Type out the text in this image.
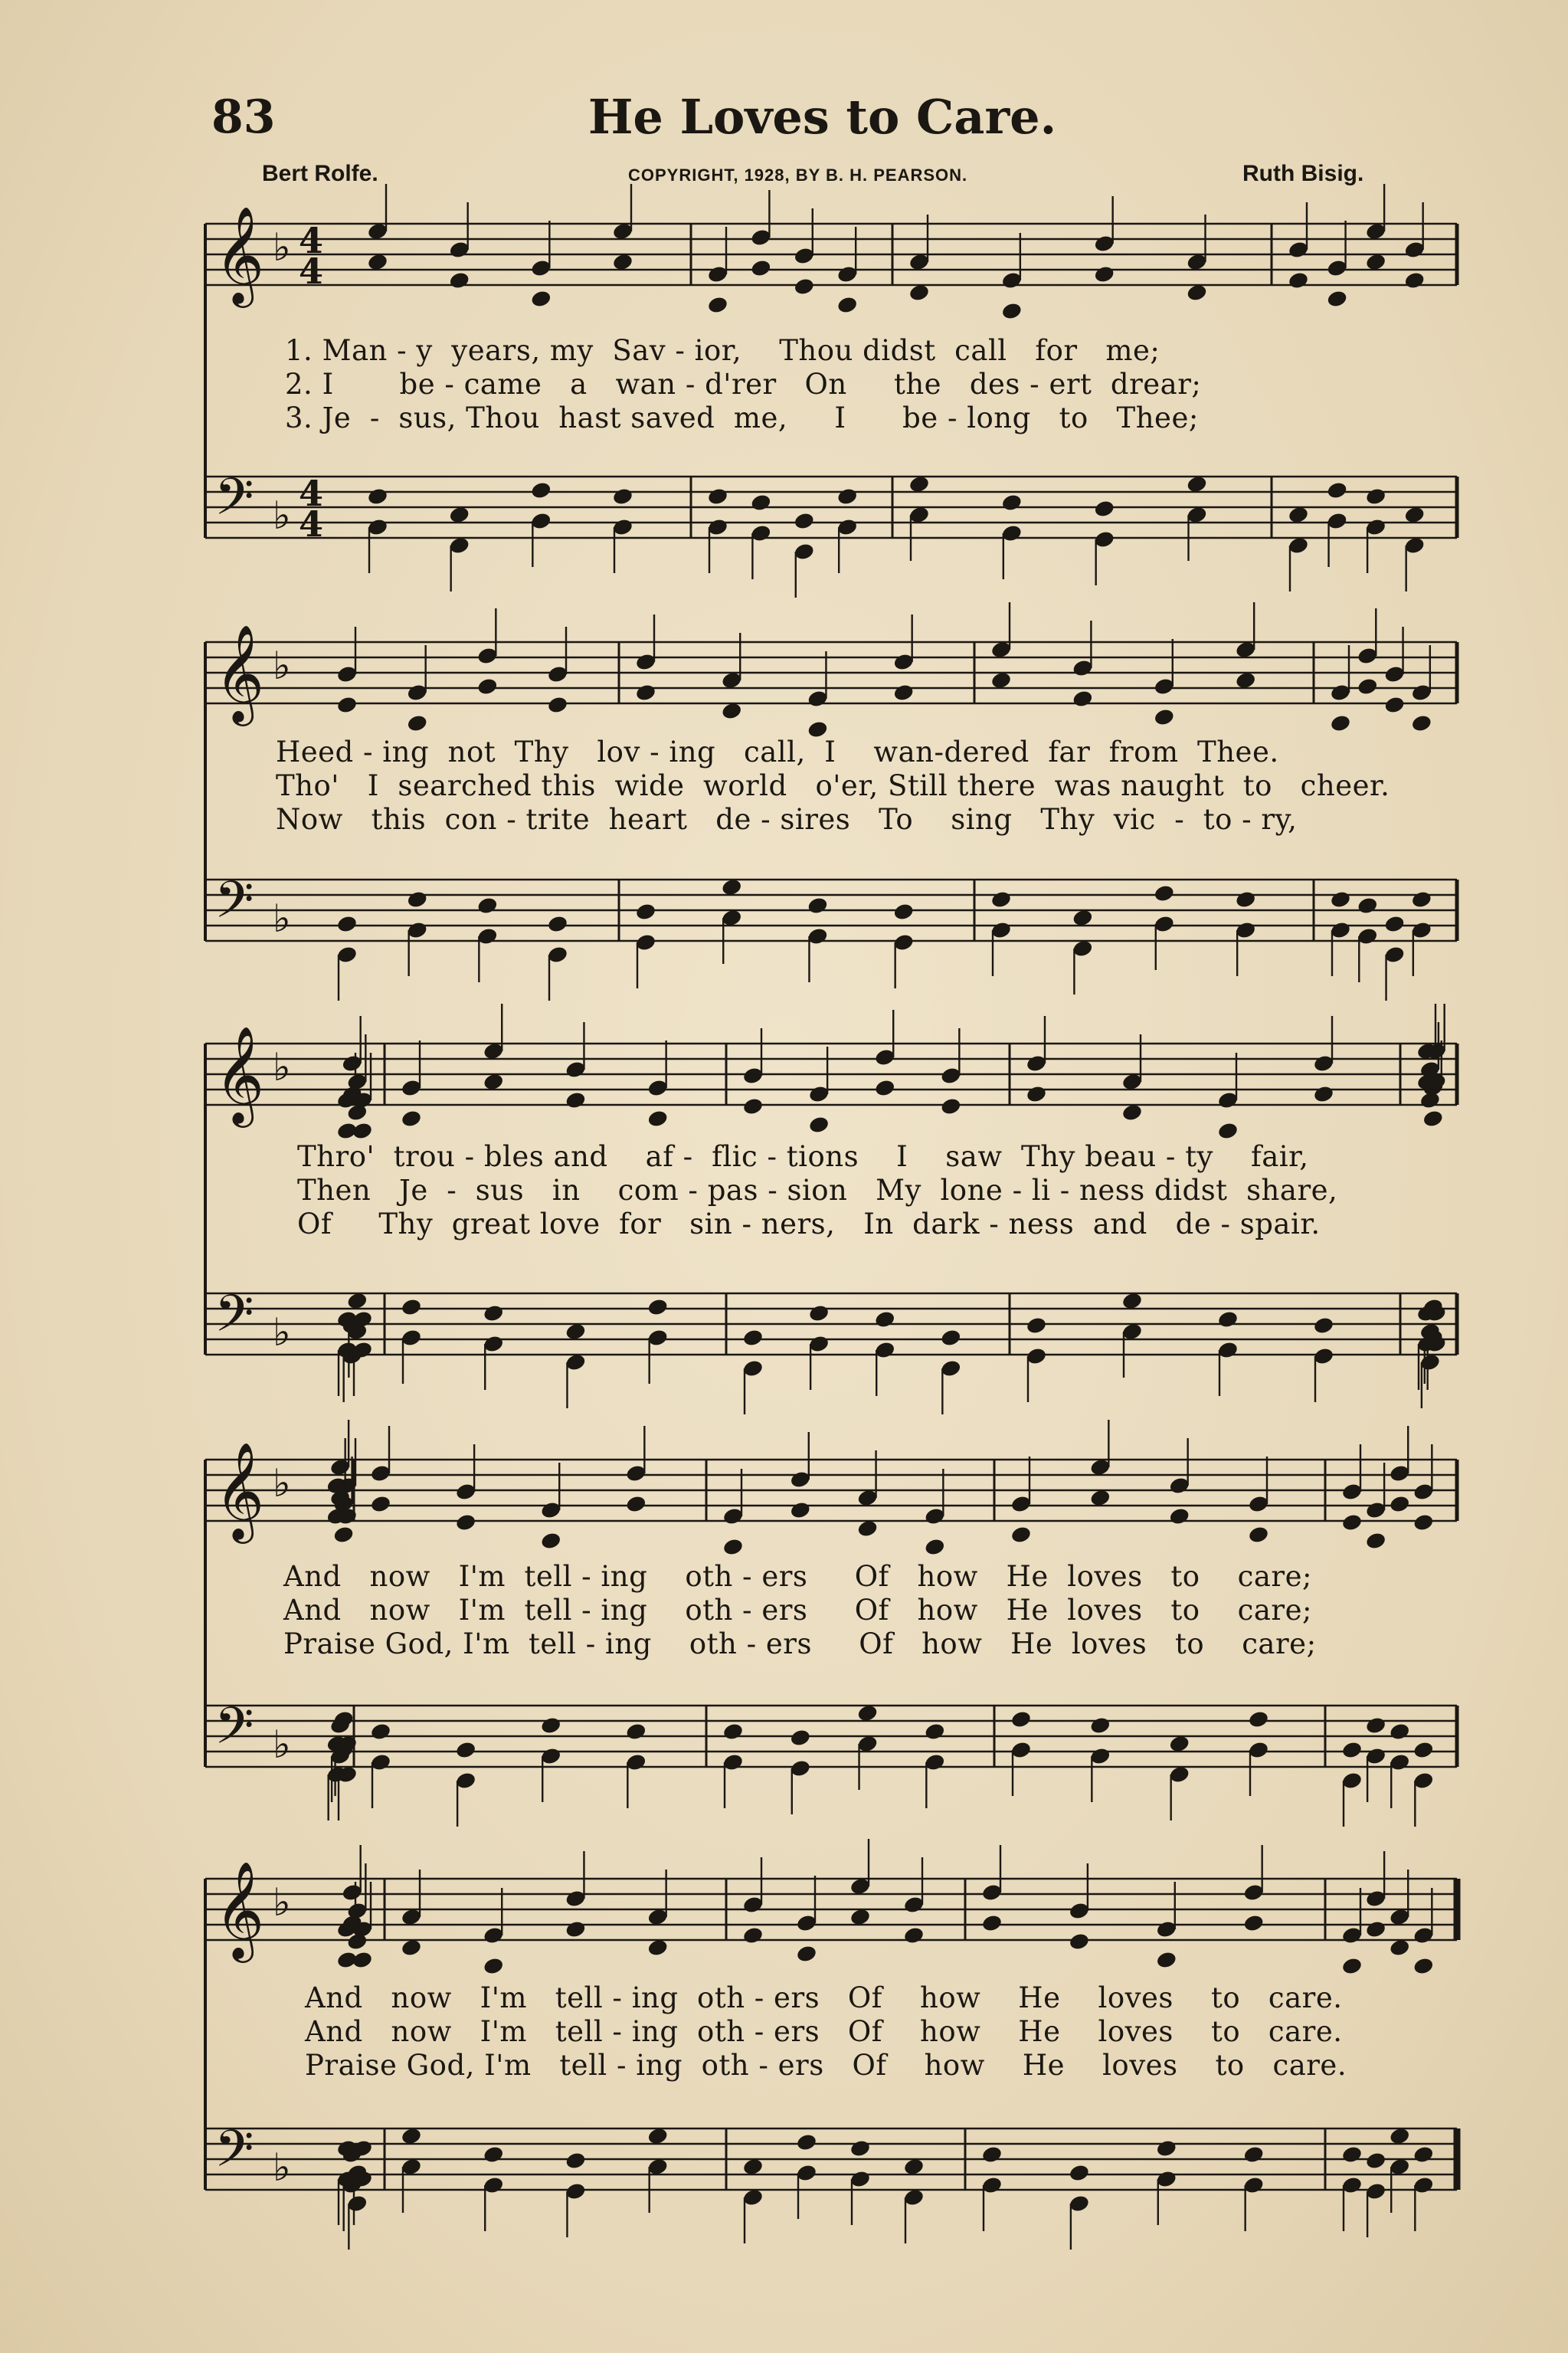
83	He Loves to Care.
Bert Rolfe.	COPYRIGHT, 1928, BY B. H. PEARSON.	Ruth Bisig.
𝄞
𝄢
♭
♭
4
4
4
4
𝄞
𝄢
♭
♭
𝄞
𝄢
♭
♭
𝄞
𝄢
♭
♭
𝄞
𝄢
♭
♭
1. Man - y  years, my  Sav - ior,    Thou didst  call   for   me;
2. I       be - came   a   wan - d'rer   On     the   des - ert  drear;
3. Je  -  sus, Thou  hast saved  me,     I      be - long   to   Thee;
Heed - ing  not  Thy   lov - ing   call,  I    wan-dered  far  from  Thee.
Tho'   I  searched this  wide  world   o'er, Still there  was naught  to   cheer.
Now   this  con - trite  heart   de - sires   To    sing   Thy  vic  -  to - ry,
Thro'  trou - bles and    af -  flic - tions    I    saw  Thy beau - ty    fair,
Then   Je  -  sus   in    com - pas - sion   My  lone - li - ness didst  share,
Of     Thy  great love  for   sin - ners,   In  dark - ness  and   de - spair.
And   now   I'm  tell - ing    oth - ers     Of   how   He  loves   to    care;
And   now   I'm  tell - ing    oth - ers     Of   how   He  loves   to    care;
Praise God, I'm  tell - ing    oth - ers     Of   how   He  loves   to    care;
And   now   I'm   tell - ing  oth - ers   Of    how    He    loves    to   care.
And   now   I'm   tell - ing  oth - ers   Of    how    He    loves    to   care.
Praise God, I'm   tell - ing  oth - ers   Of    how    He    loves    to   care.
